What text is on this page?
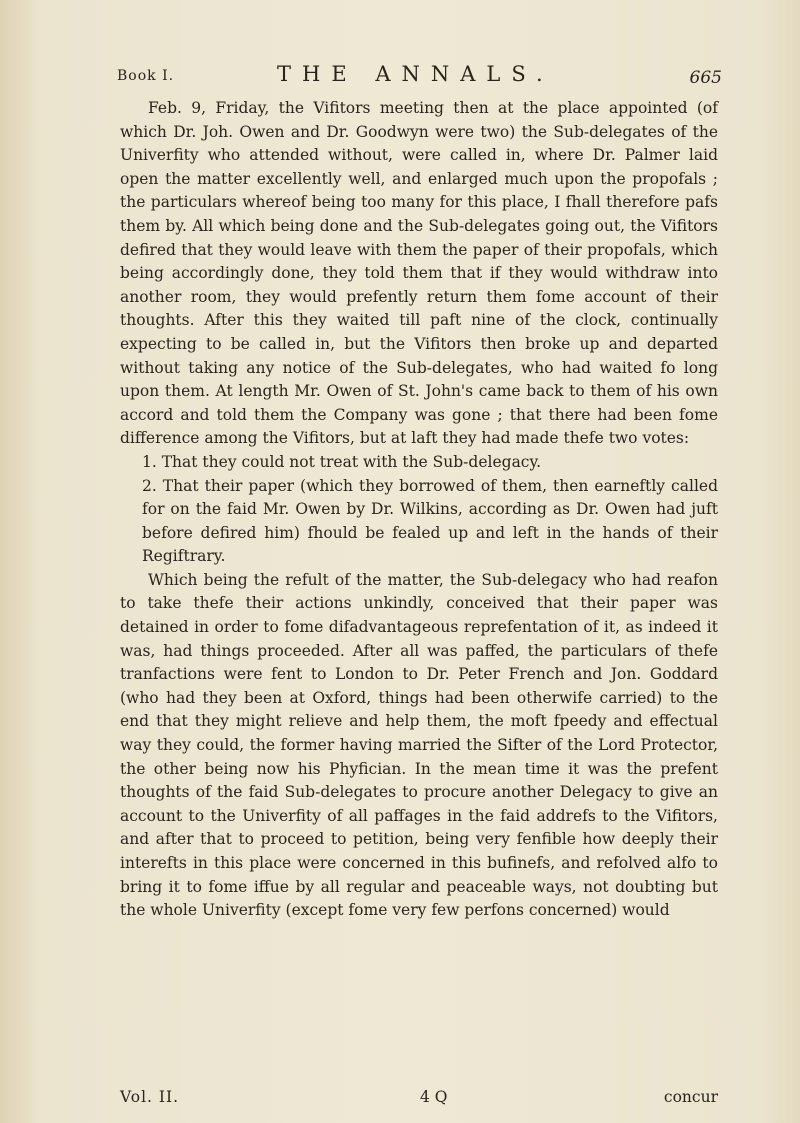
Book I.	THE ANNALS.	665

Feb. 9, Friday, the Vifitors meeting then at the place appointed (of which Dr. Joh. Owen and Dr. Goodwyn were two) the Sub-delegates of the Univerfity who attended without, were called in, where Dr. Palmer laid open the matter excellently well, and enlarged much upon the propofals ; the particulars whereof being too many for this place, I fhall therefore pafs them by. All which being done and the Sub-delegates going out, the Vifitors defired that they would leave with them the paper of their propofals, which being accordingly done, they told them that if they would withdraw into another room, they would prefently return them fome account of their thoughts. After this they waited till paft nine of the clock, continually expecting to be called in, but the Vifitors then broke up and departed without taking any notice of the Sub-delegates, who had waited fo long upon them. At length Mr. Owen of St. John's came back to them of his own accord and told them the Company was gone ; that there had been fome difference among the Vifitors, but at laft they had made thefe two votes:

1. That they could not treat with the Sub-delegacy.

2. That their paper (which they borrowed of them, then earneftly called for on the faid Mr. Owen by Dr. Wilkins, according as Dr. Owen had juft before defired him) fhould be fealed up and left in the hands of their Regiftrary.

Which being the refult of the matter, the Sub-delegacy who had reafon to take thefe their actions unkindly, conceived that their paper was detained in order to fome difadvantageous reprefentation of it, as indeed it was, had things proceeded. After all was paffed, the particulars of thefe tranfactions were fent to London to Dr. Peter French and Jon. Goddard (who had they been at Oxford, things had been otherwife carried) to the end that they might relieve and help them, the moft fpeedy and effectual way they could, the former having married the Sifter of the Lord Protector, the other being now his Phyfician. In the mean time it was the prefent thoughts of the faid Sub-delegates to procure another Delegacy to give an account to the Univerfity of all paffages in the faid addrefs to the Vifitors, and after that to proceed to petition, being very fenfible how deeply their interefts in this place were concerned in this bufinefs, and refolved alfo to bring it to fome iffue by all regular and peaceable ways, not doubting but the whole Univerfity (except fome very few perfons concerned) would

Vol. II.	4 Q	concur
